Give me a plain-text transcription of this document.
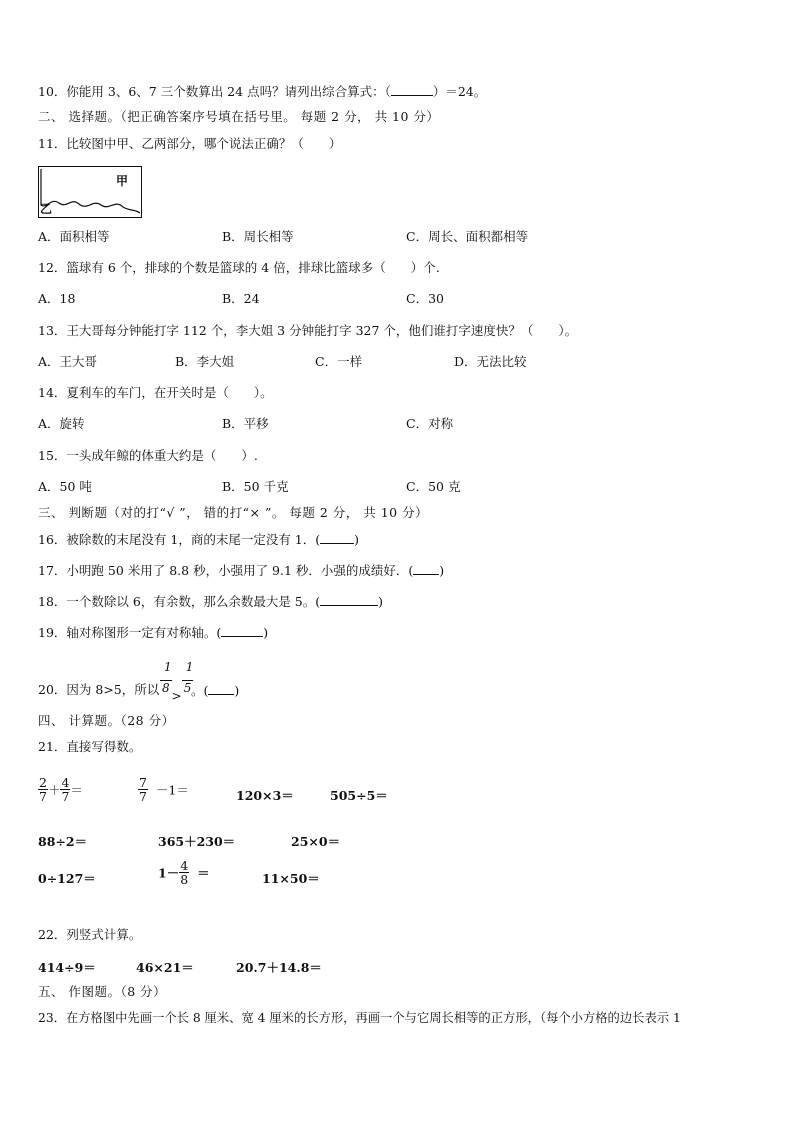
10．你能用 3、6、7 三个数算出 24 点吗？请列出综合算式：（	）＝24。
二、 选择题。（把正确答案序号填在括号里。 每题 2 分， 共 10 分）
11．比较图中甲、乙两部分，哪个说法正确？（　　）
甲
乙
A．面积相等	B．周长相等	C．周长、面积都相等
12．篮球有 6 个，排球的个数是篮球的 4 倍，排球比篮球多（　　）个.
A．18	B．24	C．30
13．王大哥每分钟能打字 112 个，李大姐 3 分钟能打字 327 个，他们谁打字速度快？（　　）。
A．王大哥	B．李大姐	C．一样	D．无法比较
14．夏利车的车门，在开关时是（　　）。
A．旋转	B．平移	C．对称
15．一头成年鲸的体重大约是（　　）.
A．50 吨	B．50 千克	C．50 克
三、 判断题（对的打“√ ”， 错的打“× ”。 每题 2 分， 共 10 分）
16．被除数的末尾没有 1，商的末尾一定没有 1．(	)
17．小明跑 50 米用了 8.8 秒，小强用了 9.1 秒．小强的成绩好．( )
18．一个数除以 6，有余数，那么余数最大是 5。(	)
19．轴对称图形一定有对称轴。(	)
20．因为 8>5，所以 $\frac{1}{8}$
>
$\frac{1}{5}$
。( )
四、 计算题。（28 分）
21．直接写得数。
$\frac{2}{7} + \frac{4}{7}$ ＝	$\frac{7}{7} -1=$	120×3＝	505÷5＝
88÷2＝	365＋230＝	25×0＝
0÷127＝	$1- \frac{4}{8}$ ＝	11×50＝
22．列竖式计算。
414÷9＝	46×21＝	20.7＋14.8＝
五、 作图题。（8 分）
23．在方格图中先画一个长 8 厘米、宽 4 厘米的长方形，再画一个与它周长相等的正方形，（每个小方格的边长表示 1
